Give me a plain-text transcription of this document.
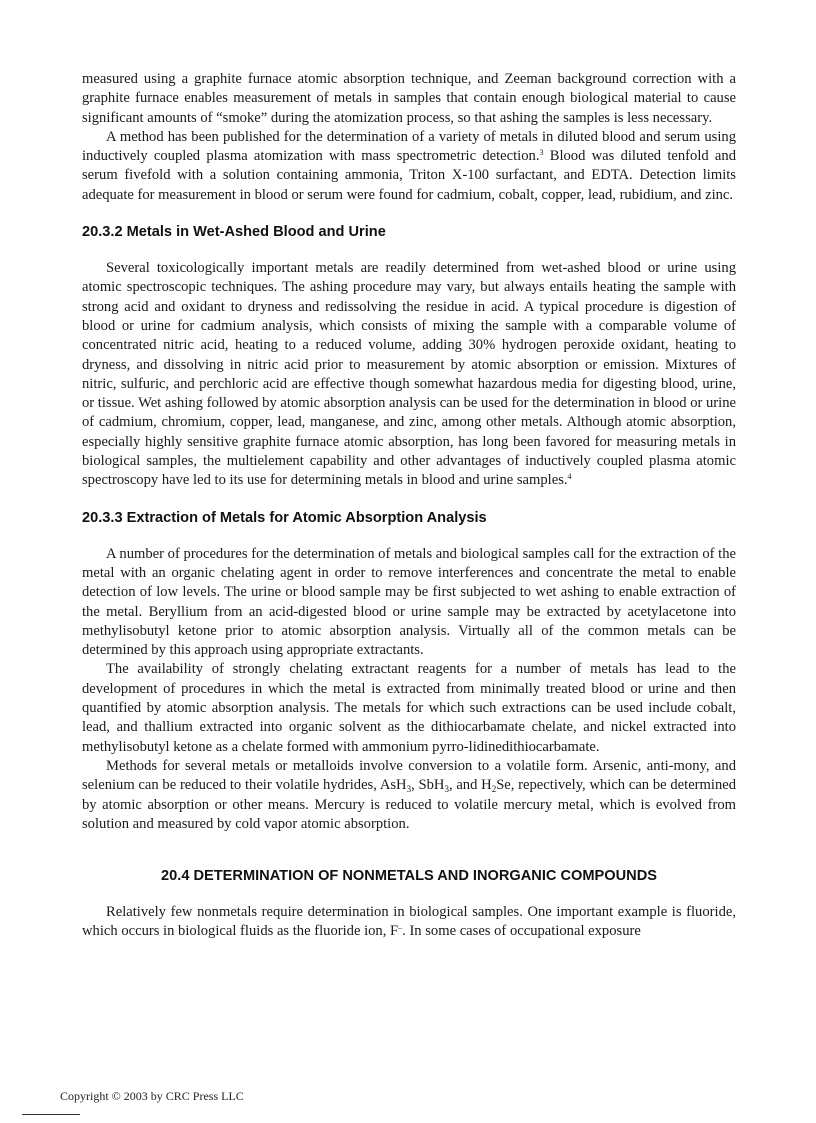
measured using a graphite furnace atomic absorption technique, and Zeeman background correction with a graphite furnace enables measurement of metals in samples that contain enough biological material to cause significant amounts of “smoke” during the atomization process, so that ashing the samples is less necessary.

A method has been published for the determination of a variety of metals in diluted blood and serum using inductively coupled plasma atomization with mass spectrometric detection.$^3$ Blood was diluted tenfold and serum fivefold with a solution containing ammonia, Triton X-100 surfactant, and EDTA. Detection limits adequate for measurement in blood or serum were found for cadmium, cobalt, copper, lead, rubidium, and zinc.

20.3.2 Metals in Wet-Ashed Blood and Urine

Several toxicologically important metals are readily determined from wet-ashed blood or urine using atomic spectroscopic techniques. The ashing procedure may vary, but always entails heating the sample with strong acid and oxidant to dryness and redissolving the residue in acid. A typical procedure is digestion of blood or urine for cadmium analysis, which consists of mixing the sample with a comparable volume of concentrated nitric acid, heating to a reduced volume, adding 30% hydrogen peroxide oxidant, heating to dryness, and dissolving in nitric acid prior to measurement by atomic absorption or emission. Mixtures of nitric, sulfuric, and perchloric acid are effective though somewhat hazardous media for digesting blood, urine, or tissue. Wet ashing followed by atomic absorption analysis can be used for the determination in blood or urine of cadmium, chromium, copper, lead, manganese, and zinc, among other metals. Although atomic absorption, especially highly sensitive graphite furnace atomic absorption, has long been favored for measuring metals in biological samples, the multielement capability and other advantages of inductively coupled plasma atomic spectroscopy have led to its use for determining metals in blood and urine samples.$^4$

20.3.3 Extraction of Metals for Atomic Absorption Analysis

A number of procedures for the determination of metals and biological samples call for the extraction of the metal with an organic chelating agent in order to remove interferences and concentrate the metal to enable detection of low levels. The urine or blood sample may be first subjected to wet ashing to enable extraction of the metal. Beryllium from an acid-digested blood or urine sample may be extracted by acetylacetone into methylisobutyl ketone prior to atomic absorption analysis. Virtually all of the common metals can be determined by this approach using appropriate extractants.

The availability of strongly chelating extractant reagents for a number of metals has lead to the development of procedures in which the metal is extracted from minimally treated blood or urine and then quantified by atomic absorption analysis. The metals for which such extractions can be used include cobalt, lead, and thallium extracted into organic solvent as the dithiocarbamate chelate, and nickel extracted into methylisobutyl ketone as a chelate formed with ammonium pyrro-lidinedithiocarbamate.

Methods for several metals or metalloids involve conversion to a volatile form. Arsenic, anti-mony, and selenium can be reduced to their volatile hydrides, AsH$_3$, SbH$_3$, and $H_2Se$, repectively, which can be determined by atomic absorption or other means. Mercury is reduced to volatile mercury metal, which is evolved from solution and measured by cold vapor atomic absorption.

20.4 DETERMINATION OF NONMETALS AND INORGANIC COMPOUNDS

Relatively few nonmetals require determination in biological samples. One important example is fluoride, which occurs in biological fluids as the fluoride ion, F–. In some cases of occupational exposure

Copyright © 2003 by CRC Press LLC
